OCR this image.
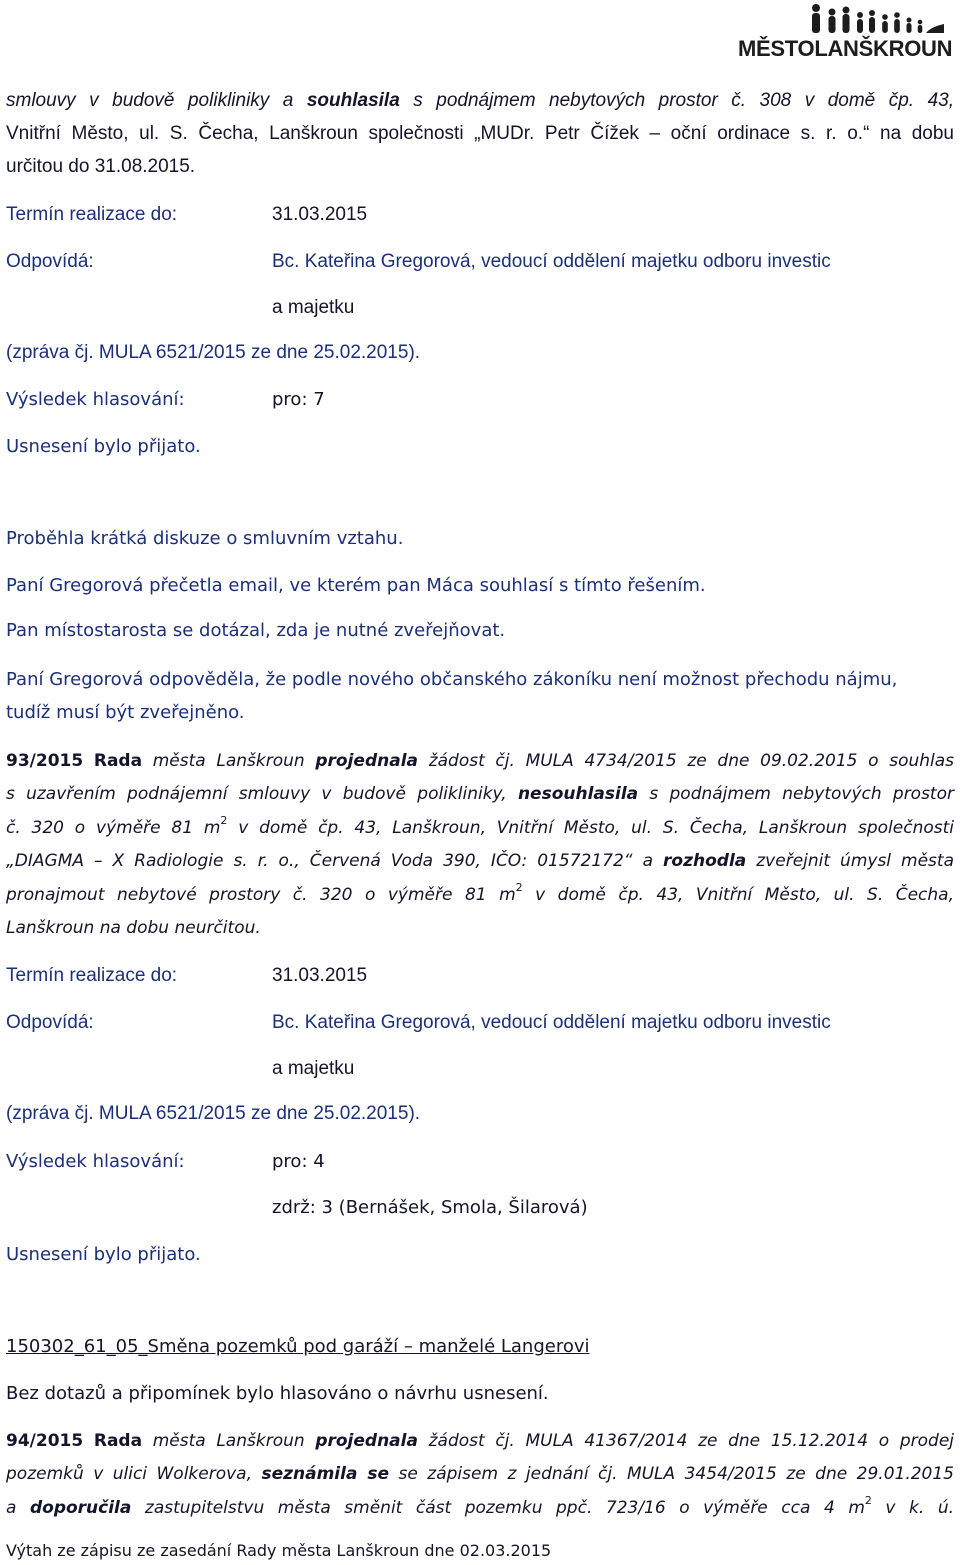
MĚSTOLANŠKROUN
smlouvy v budově polikliniky a souhlasila s podnájmem nebytových prostor č. 308 v domě čp. 43,
Vnitřní Město, ul. S. Čecha, Lanškroun společnosti „MUDr. Petr Čížek – oční ordinace s. r. o.“ na dobu
určitou do 31.08.2015.
Termín realizace do:	31.03.2015
Odpovídá:	Bc. Kateřina Gregorová, vedoucí oddělení majetku odboru investic
a majetku
(zpráva čj. MULA 6521/2015 ze dne 25.02.2015).
Výsledek hlasování:	pro: 7
Usnesení bylo přijato.
Proběhla krátká diskuze o smluvním vztahu.
Paní Gregorová přečetla email, ve kterém pan Máca souhlasí s tímto řešením.
Pan místostarosta se dotázal, zda je nutné zveřejňovat.
Paní Gregorová odpověděla, že podle nového občanského zákoníku není možnost přechodu nájmu,
tudíž musí být zveřejněno.
93/2015 Rada města Lanškroun projednala žádost čj. MULA 4734/2015 ze dne 09.02.2015 o souhlas
s uzavřením podnájemní smlouvy v budově polikliniky, nesouhlasila s podnájmem nebytových prostor
č. 320 o výměře 81 $m^2$ v domě čp. 43, Lanškroun, Vnitřní Město, ul. S. Čecha, Lanškroun společnosti
„DIAGMA – X Radiologie s. r. o., Červená Voda 390, IČO: 01572172“ a rozhodla zveřejnit úmysl města
pronajmout nebytové prostory č. 320 o výměře 81 $m^2$ v domě čp. 43, Vnitřní Město, ul. S. Čecha,
Lanškroun na dobu neurčitou.
Termín realizace do:	31.03.2015
Odpovídá:	Bc. Kateřina Gregorová, vedoucí oddělení majetku odboru investic
a majetku
(zpráva čj. MULA 6521/2015 ze dne 25.02.2015).
Výsledek hlasování:	pro: 4
zdrž: 3 (Bernášek, Smola, Šilarová)
Usnesení bylo přijato.
150302_61_05_Směna pozemků pod garáží – manželé Langerovi
Bez dotazů a připomínek bylo hlasováno o návrhu usnesení.
94/2015 Rada města Lanškroun projednala žádost čj. MULA 41367/2014 ze dne 15.12.2014 o prodej
pozemků v ulici Wolkerova, seznámila se se zápisem z jednání čj. MULA 3454/2015 ze dne 29.01.2015
a doporučila zastupitelstvu města směnit část pozemku ppč. 723/16 o výměře cca 4 $m^2$ v k. ú.
Výtah ze zápisu ze zasedání Rady města Lanškroun dne 02.03.2015
